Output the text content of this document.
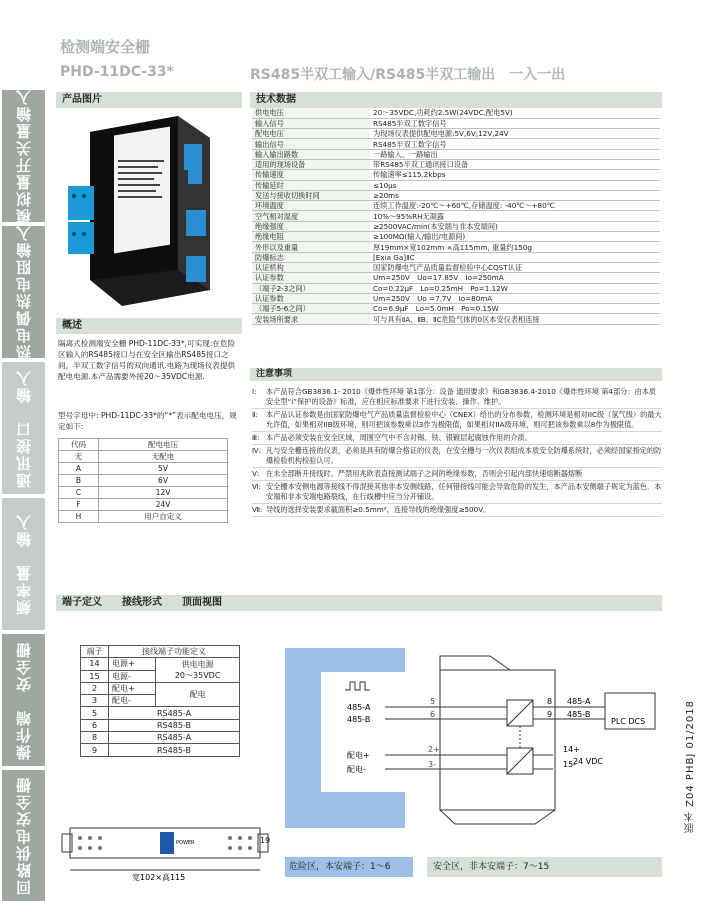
模拟量开关量输入
热电偶热电阻输入
通讯接口　输入
频率量　输入
操作端　安全栅
回路供电安全栅
检测端安全栅
PHD-11DC-33*	RS485半双工输入/RS485半双工输出　一入一出
产品图片	技术数据
供电电压	20～35VDC,功耗约2.5W(24VDC,配电5V)
输入信号	RS485半双工数字信号
配电电压	为现场仪表提供配电电源:5V,6V;12V,24V
输出信号	RS485半双工数字信号
输入输出路数	一路输入、一路输出
适用的现场设备	带RS485半双工通讯接口设备
传输速度	传输速率≤115.2kbps
传输延时	≤10μs
发送与接收切换时间	≥20ms
环境温度	连续工作温度:-20℃～+60℃,存储温度: -40℃～+80℃
空气相对湿度	10%～95%RH无凝露
绝缘强度	≥2500VAC/min(本安端与非本安端间)
绝缘电阻	≥100MΩ(输入/输出/电源间)
外形以及重量	厚19mm×宽102mm ×高115mm, 重量约150g
防爆标志	[Exia Ga]ⅡC
认证机构	国家防爆电气产品质量监督检验中心CQST认证
认证参数	Um=250V　Uo=17.85V　Io=250mA
（端子2-3之间）	Co=0.22μF　Lo=0.25mH　Po=1.12W
认证参数	Um=250V　Uo =7.7V　Io=80mA
（端子5-6之间）	Co=6.9μF　Lo=5.0mH　Po=0.15W
安装场所要求	可与具有ⅡA、ⅡB、ⅡC危险气体的0区本安仪表相连接
注意事项
Ⅰ:	本产品符合GB3836.1- 2010《爆炸性环境 第1部分：设备 通用要求》和GB3836.4-2010《爆炸性环境 第4部分：由本质安全型“i”保护的设备》标准，应在相应标准要求下进行安装、操作、维护。
Ⅱ:	本产品认证参数是由国家防爆电气产品质量监督检验中心（CNEX）给出的分布参数，检测环境是相对IIC级（氢气级）的最大允许值，如果相对IIB级环境，则可把该参数乘以3作为极限值，如果相对IIA级环境，则可把该参数乘以8作为极限值。
Ⅲ: 本产品必须安装在安全区域，周围空气中不含对锡、铁、银镀层起腐蚀作用的介质。
Ⅳ: 凡与安全栅连接的仪表，必须是具有防爆合格证的仪表，在安全栅与一次仪表组成本质安全防爆系统时，必须经国家指定的防爆检验机构检验认可。
Ⅴ: 在未全部断开接线时，严禁用兆欧表直接测试端子之间的绝缘参数，否则会引起内部快速熔断器熔断
Ⅵ: 安全栅本安侧电源等接线不得混接其他非本安侧线路，任何错接线可能会导致危险的发生．本产品本安侧端子规定为蓝色．本安端和非本安端电路裂线，在行线槽中应当分开铺设。
Ⅶ: 导线的选择安装要求截面积≥0.5mm²，连接导线的绝缘强度≥500V。
概述
隔离式检测端安全栅 PHD-11DC-33*,可实现:在危险区输入的RS485接口与在安全区输出RS485接口之间，半双工数字信号的双向通讯.电路为现场仪表提供配电电源.本产品需要外接20～35VDC电源.
型号字母中: PHD-11DC-33*的“*”表示配电电压，规定如下:
代码	配电电压
无	无配电
A	5V
B	6V
C	12V
F	24V
H	用户自定义
端子定义　　接线形式　　顶面视图
端子	接线端子功能定义	
14	电源+	供电电源
20～35VDC
15	电源-	
2	配电+	配电
3	配电-	
5	RS485-A	
6	RS485-B	
8	RS485-A	
9	RS485-B	
485-A
485-B
配电+
配电-
5
6
2+
3-
8
9
14+
15-
485-A
485-B
PLC DCS
24 VDC
POWER
宽102×高115
19
危险区，本安端子：1～6	安全区，非本安端子：7～15
版本 Z04 PHBJ 01/2018
